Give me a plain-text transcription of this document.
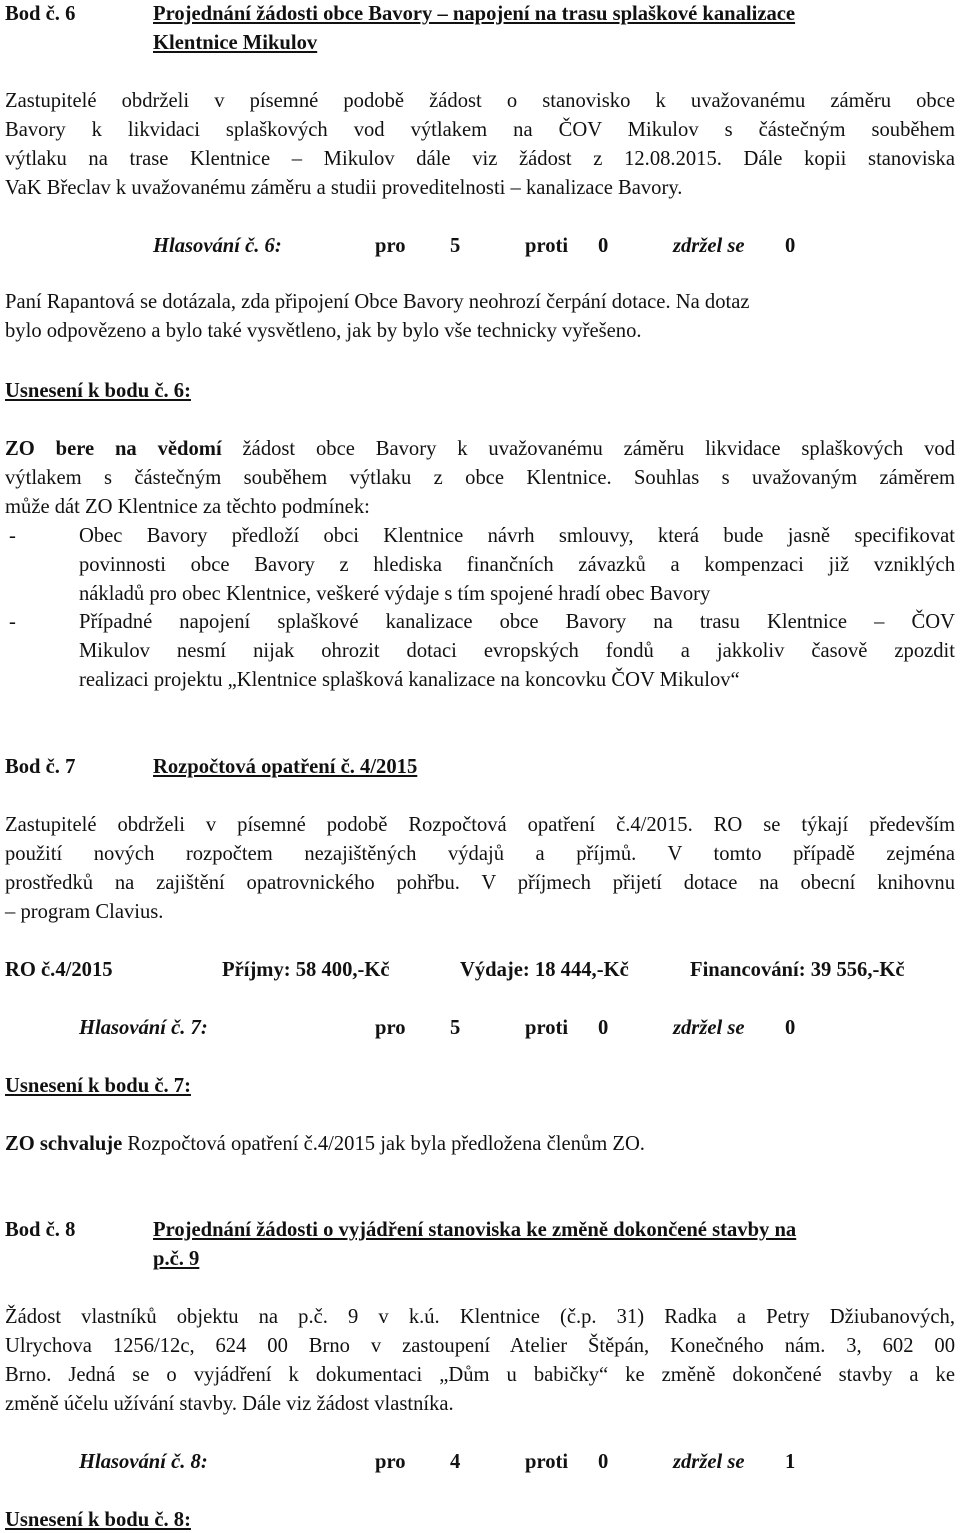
Bod č. 6	Projednání žádosti obce Bavory – napojení na trasu splaškové kanalizace
Klentnice Mikulov
Zastupitelé obdrželi v písemné podobě žádost o stanovisko k uvažovanému záměru obce
Bavory k likvidaci splaškových vod výtlakem na ČOV Mikulov s částečným souběhem
výtlaku na trase Klentnice – Mikulov dále viz žádost z 12.08.2015. Dále kopii stanoviska
VaK Břeclav k uvažovanému záměru a studii proveditelnosti – kanalizace Bavory.
Hlasování č. 6:	pro 5	proti 0	zdržel se 0
Paní Rapantová se dotázala, zda připojení Obce Bavory neohrozí čerpání dotace. Na dotaz
bylo odpovězeno a bylo také vysvětleno, jak by bylo vše technicky vyřešeno.
Usnesení k bodu č. 6:
ZO bere na vědomí žádost obce Bavory k uvažovanému záměru likvidace splaškových vod
výtlakem s částečným souběhem výtlaku z obce Klentnice. Souhlas s uvažovaným záměrem
může dát ZO Klentnice za těchto podmínek:
-	Obec Bavory předloží obci Klentnice návrh smlouvy, která bude jasně specifikovat
povinnosti obce Bavory z hlediska finančních závazků a kompenzaci již vzniklých
nákladů pro obec Klentnice, veškeré výdaje s tím spojené hradí obec Bavory
-	Případné napojení splaškové kanalizace obce Bavory na trasu Klentnice – ČOV
Mikulov nesmí nijak ohrozit dotaci evropských fondů a jakkoliv časově zpozdit
realizaci projektu „Klentnice splašková kanalizace na koncovku ČOV Mikulov“
Bod č. 7	Rozpočtová opatření č. 4/2015
Zastupitelé obdrželi v písemné podobě Rozpočtová opatření č.4/2015. RO se týkají především
použití nových rozpočtem nezajištěných výdajů a příjmů. V tomto případě zejména
prostředků na zajištění opatrovnického pohřbu. V příjmech přijetí dotace na obecní knihovnu
– program Clavius.
RO č.4/2015	Příjmy: 58 400,-Kč	Výdaje: 18 444,-Kč	Financování: 39 556,-Kč
Hlasování č. 7:	pro 5	proti 0	zdržel se 0
Usnesení k bodu č. 7:
ZO schvaluje Rozpočtová opatření č.4/2015 jak byla předložena členům ZO.
Bod č. 8	Projednání žádosti o vyjádření stanoviska ke změně dokončené stavby na
p.č. 9
Žádost vlastníků objektu na p.č. 9 v k.ú. Klentnice (č.p. 31) Radka a Petry Džiubanových,
Ulrychova 1256/12c, 624 00 Brno v zastoupení Atelier Štěpán, Konečného nám. 3, 602 00
Brno. Jedná se o vyjádření k dokumentaci „Dům u babičky“ ke změně dokončené stavby a ke
změně účelu užívání stavby. Dále viz žádost vlastníka.
Hlasování č. 8:	pro 4	proti 0	zdržel se 1
Usnesení k bodu č. 8:
